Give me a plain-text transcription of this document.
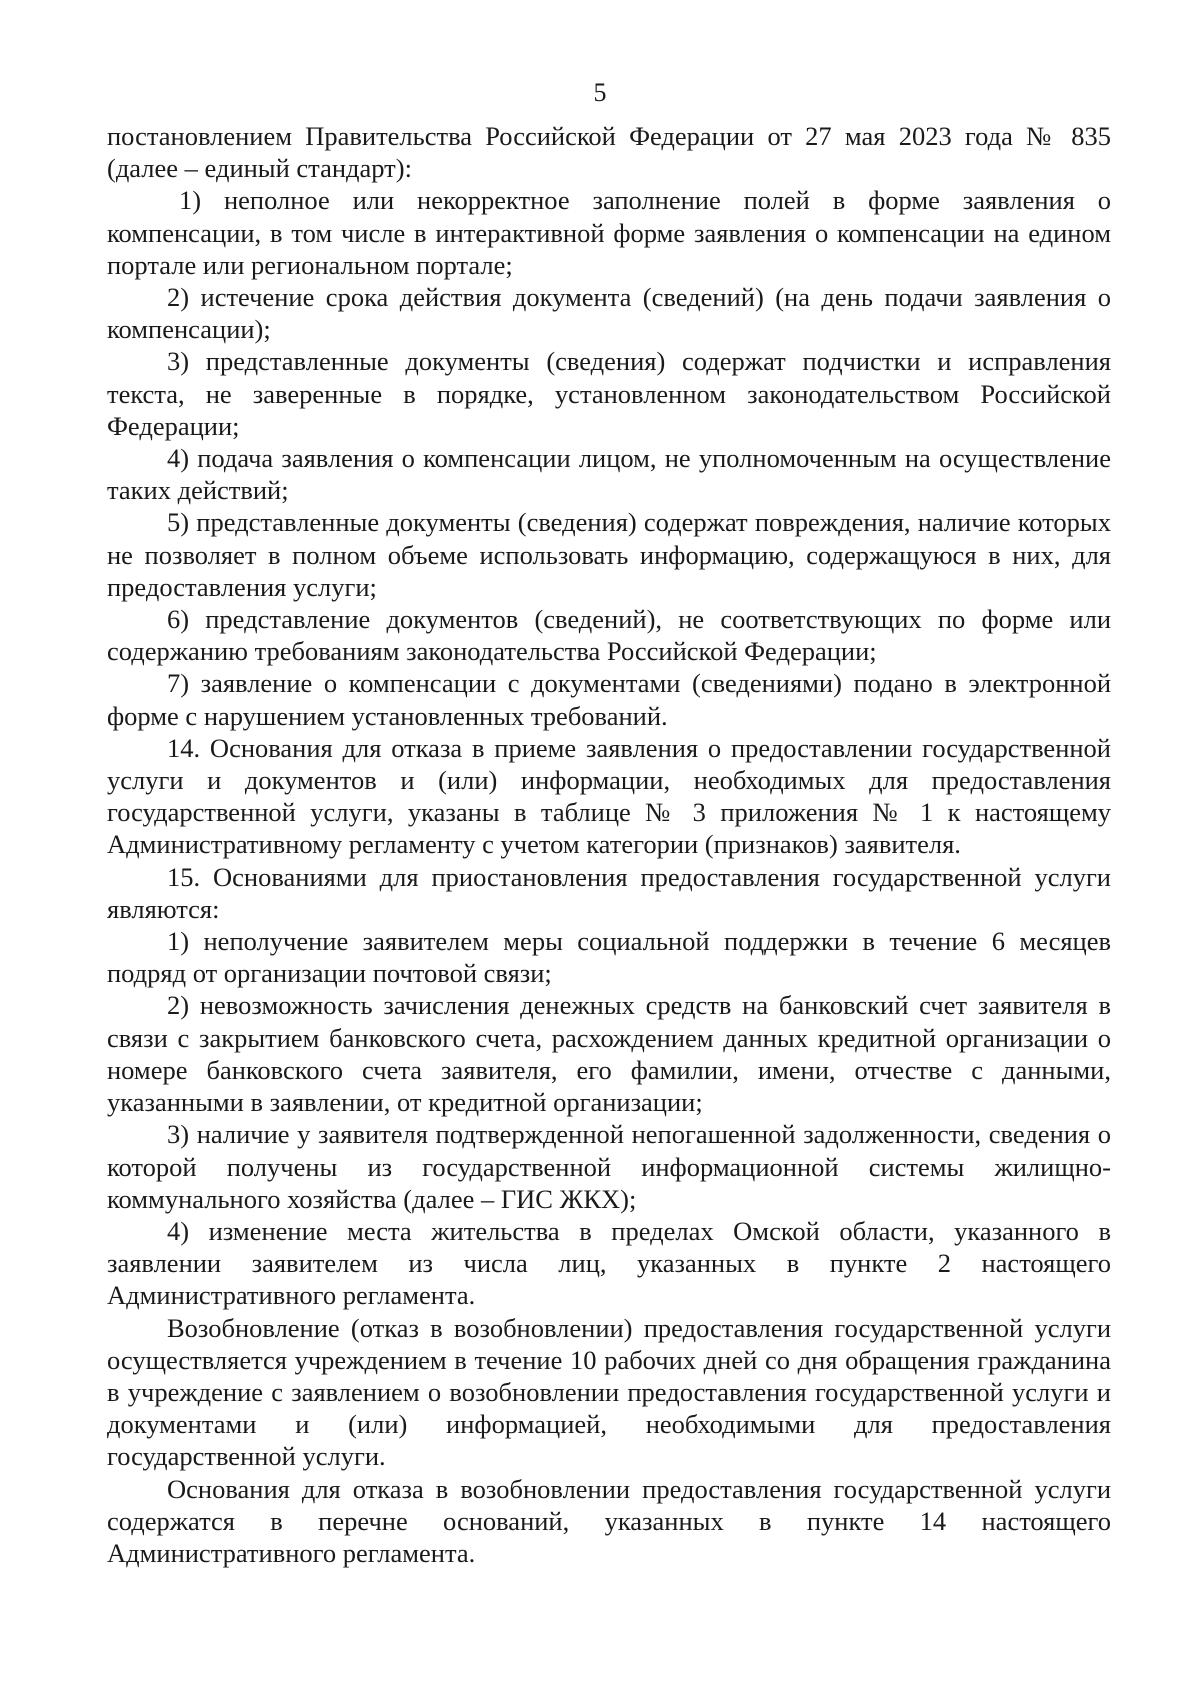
5

постановлением Правительства Российской Федерации от 27 мая 2023 года № 835 (далее – единый стандарт):

1) неполное или некорректное заполнение полей в форме заявления о компенсации, в том числе в интерактивной форме заявления о компенсации на едином портале или региональном портале;

2) истечение срока действия документа (сведений) (на день подачи заявления о компенсации);

3) представленные документы (сведения) содержат подчистки и исправления текста, не заверенные в порядке, установленном законодательством Российской Федерации;

4) подача заявления о компенсации лицом, не уполномоченным на осуществление таких действий;

5) представленные документы (сведения) содержат повреждения, наличие которых не позволяет в полном объеме использовать информацию, содержащуюся в них, для предоставления услуги;

6) представление документов (сведений), не соответствующих по форме или содержанию требованиям законодательства Российской Федерации;

7) заявление о компенсации с документами (сведениями) подано в электронной форме с нарушением установленных требований.

14. Основания для отказа в приеме заявления о предоставлении государственной услуги и документов и (или) информации, необходимых для предоставления государственной услуги, указаны в таблице № 3 приложения № 1 к настоящему Административному регламенту с учетом категории (признаков) заявителя.

15. Основаниями для приостановления предоставления государственной услуги являются:

1) неполучение заявителем меры социальной поддержки в течение 6 месяцев подряд от организации почтовой связи;

2) невозможность зачисления денежных средств на банковский счет заявителя в связи с закрытием банковского счета, расхождением данных кредитной организации о номере банковского счета заявителя, его фамилии, имени, отчестве с данными, указанными в заявлении, от кредитной организации;

3) наличие у заявителя подтвержденной непогашенной задолженности, сведения о которой получены из государственной информационной системы жилищно-коммунального хозяйства (далее – ГИС ЖКХ);

4) изменение места жительства в пределах Омской области, указанного в заявлении заявителем из числа лиц, указанных в пункте 2 настоящего Административного регламента.

Возобновление (отказ в возобновлении) предоставления государственной услуги осуществляется учреждением в течение 10 рабочих дней со дня обращения гражданина в учреждение с заявлением о возобновлении предоставления государственной услуги и документами и (или) информацией, необходимыми для предоставления государственной услуги.

Основания для отказа в возобновлении предоставления государственной услуги содержатся в перечне оснований, указанных в пункте 14 настоящего Административного регламента.
